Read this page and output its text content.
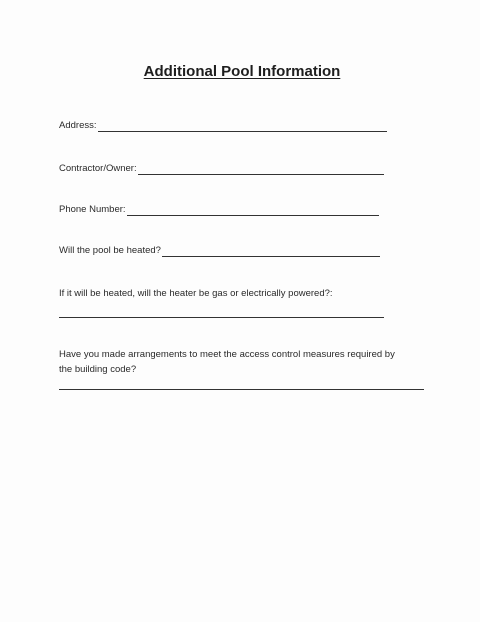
Additional Pool Information
Address:
Contractor/Owner:
Phone Number:
Will the pool be heated?
If it will be heated, will the heater be gas or electrically powered?:
Have you made arrangements to meet the access control measures required by
the building code?
